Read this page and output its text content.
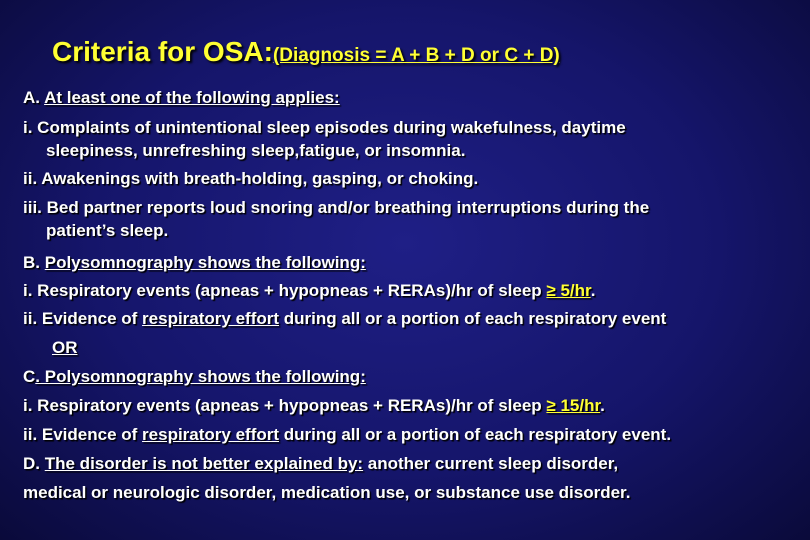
Criteria for OSA:(Diagnosis = A + B + D or C + D)
A. At least one of the following applies:
i. Complaints of unintentional sleep episodes during wakefulness, daytime
sleepiness, unrefreshing sleep,fatigue, or insomnia.
ii. Awakenings with breath-holding, gasping, or choking.
iii. Bed partner reports loud snoring and/or breathing interruptions during the
patient’s sleep.
B. Polysomnography shows the following:
i. Respiratory events (apneas + hypopneas + RERAs)/hr of sleep ≥ 5/hr.
ii. Evidence of respiratory effort during all or a portion of each respiratory event
OR
C. Polysomnography shows the following:
i. Respiratory events (apneas + hypopneas + RERAs)/hr of sleep ≥ 15/hr.
ii. Evidence of respiratory effort during all or a portion of each respiratory event.
D. The disorder is not better explained by: another current sleep disorder,
medical or neurologic disorder, medication use, or substance use disorder.
